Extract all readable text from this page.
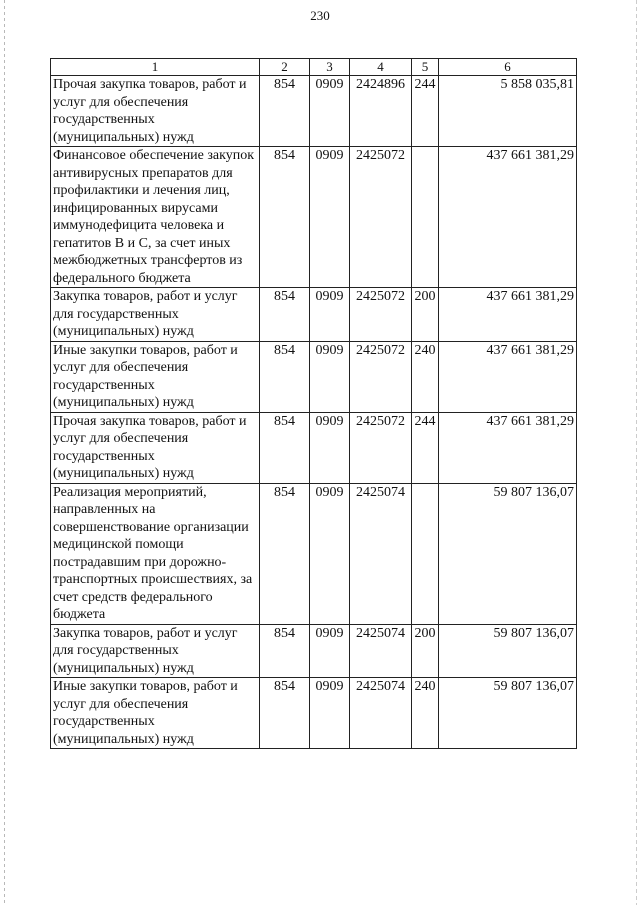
230
1	2	3	4	5	6
Прочая закупка товаров, работ и услуг для обеспечения государственных (муниципальных) нужд	854	0909	2424896	244	5 858 035,81
Финансовое обеспечение закупок антивирусных препаратов для профилактики и лечения лиц, инфицированных вирусами иммунодефицита человека и гепатитов B и C, за счет иных межбюджетных трансфертов из федерального бюджета	854	0909	2425072		437 661 381,29
Закупка товаров, работ и услуг для государственных (муниципальных) нужд	854	0909	2425072	200	437 661 381,29
Иные закупки товаров, работ и услуг для обеспечения государственных (муниципальных) нужд	854	0909	2425072	240	437 661 381,29
Прочая закупка товаров, работ и услуг для обеспечения государственных (муниципальных) нужд	854	0909	2425072	244	437 661 381,29
Реализация мероприятий, направленных на совершенствование организации медицинской помощи пострадавшим при дорожно-транспортных происшествиях, за счет средств федерального бюджета	854	0909	2425074		59 807 136,07
Закупка товаров, работ и услуг для государственных (муниципальных) нужд	854	0909	2425074	200	59 807 136,07
Иные закупки товаров, работ и услуг для обеспечения государственных (муниципальных) нужд	854	0909	2425074	240	59 807 136,07
